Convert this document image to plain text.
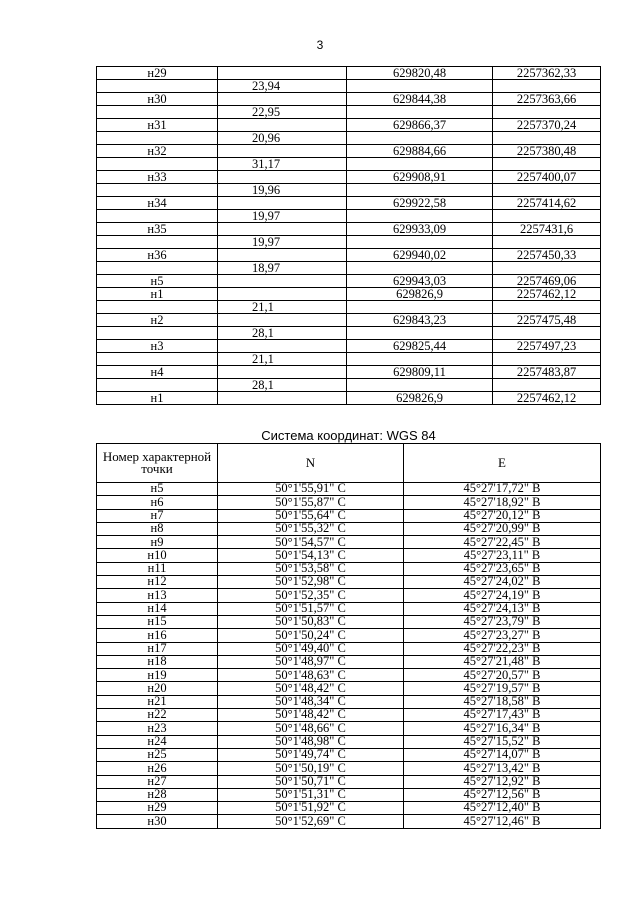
3
н29		629820,48	2257362,33
	23,94		
н30		629844,38	2257363,66
	22,95		
н31		629866,37	2257370,24
	20,96		
н32		629884,66	2257380,48
	31,17		
н33		629908,91	2257400,07
	19,96		
н34		629922,58	2257414,62
	19,97		
н35		629933,09	2257431,6
	19,97		
н36		629940,02	2257450,33
	18,97		
н5		629943,03	2257469,06
н1		629826,9	2257462,12
	21,1		
н2		629843,23	2257475,48
	28,1		
н3		629825,44	2257497,23
	21,1		
н4		629809,11	2257483,87
	28,1		
н1		629826,9	2257462,12
Система координат: WGS 84
Номер характерной точки	N	E
н5	50°1'55,91" С	45°27'17,72" В
н6	50°1'55,87" С	45°27'18,92" В
н7	50°1'55,64" С	45°27'20,12" В
н8	50°1'55,32" С	45°27'20,99" В
н9	50°1'54,57" С	45°27'22,45" В
н10	50°1'54,13" С	45°27'23,11" В
н11	50°1'53,58" С	45°27'23,65" В
н12	50°1'52,98" С	45°27'24,02" В
н13	50°1'52,35" С	45°27'24,19" В
н14	50°1'51,57" С	45°27'24,13" В
н15	50°1'50,83" С	45°27'23,79" В
н16	50°1'50,24" С	45°27'23,27" В
н17	50°1'49,40" С	45°27'22,23" В
н18	50°1'48,97" С	45°27'21,48" В
н19	50°1'48,63" С	45°27'20,57" В
н20	50°1'48,42" С	45°27'19,57" В
н21	50°1'48,34" С	45°27'18,58" В
н22	50°1'48,42" С	45°27'17,43" В
н23	50°1'48,66" С	45°27'16,34" В
н24	50°1'48,98" С	45°27'15,52" В
н25	50°1'49,74" С	45°27'14,07" В
н26	50°1'50,19" С	45°27'13,42" В
н27	50°1'50,71" С	45°27'12,92" В
н28	50°1'51,31" С	45°27'12,56" В
н29	50°1'51,92" С	45°27'12,40" В
н30	50°1'52,69" С	45°27'12,46" В
